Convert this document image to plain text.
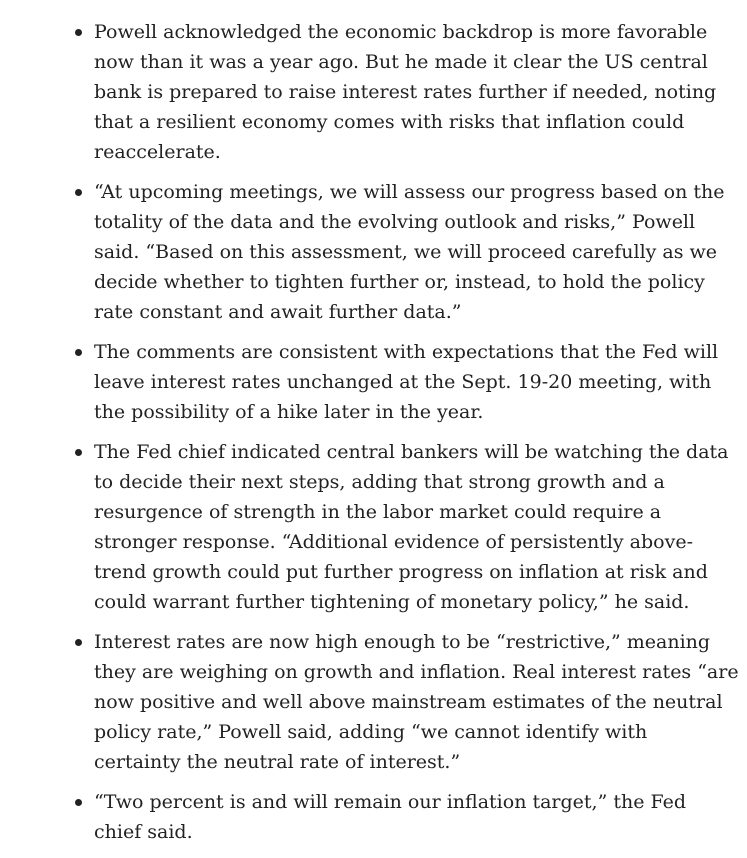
Powell acknowledged the economic backdrop is more favorable
now than it was a year ago. But he made it clear the US central
bank is prepared to raise interest rates further if needed, noting
that a resilient economy comes with risks that inflation could
reaccelerate.
“At upcoming meetings, we will assess our progress based on the
totality of the data and the evolving outlook and risks,” Powell
said. “Based on this assessment, we will proceed carefully as we
decide whether to tighten further or, instead, to hold the policy
rate constant and await further data.”
The comments are consistent with expectations that the Fed will
leave interest rates unchanged at the Sept. 19-20 meeting, with
the possibility of a hike later in the year.
The Fed chief indicated central bankers will be watching the data
to decide their next steps, adding that strong growth and a
resurgence of strength in the labor market could require a
stronger response. “Additional evidence of persistently above-
trend growth could put further progress on inflation at risk and
could warrant further tightening of monetary policy,” he said.
Interest rates are now high enough to be “restrictive,” meaning
they are weighing on growth and inflation. Real interest rates “are
now positive and well above mainstream estimates of the neutral
policy rate,” Powell said, adding “we cannot identify with
certainty the neutral rate of interest.”
“Two percent is and will remain our inflation target,” the Fed
chief said.
